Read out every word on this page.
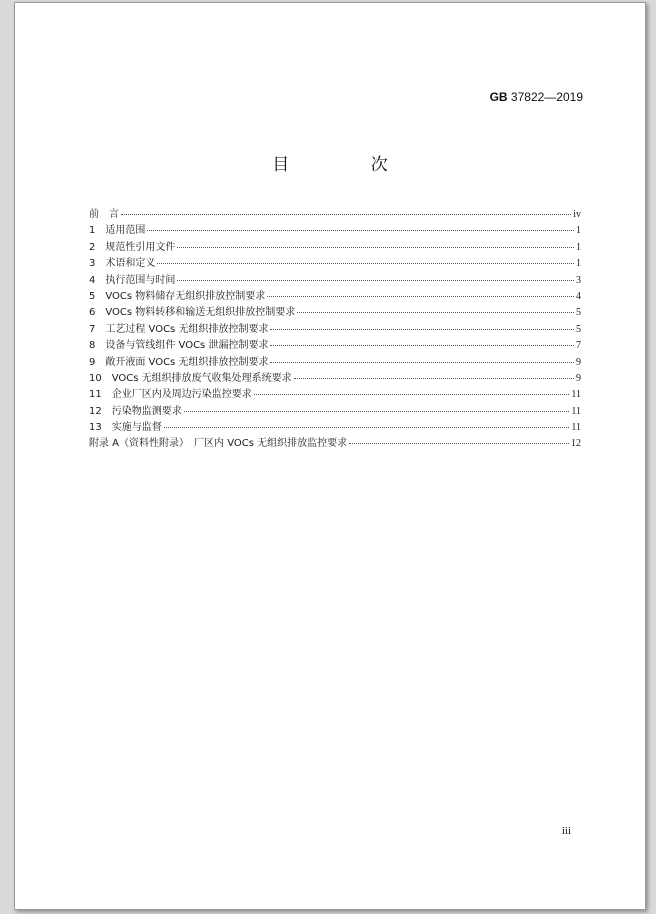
GB 37822—2019
目 次
前　言	iv
1　适用范围	1
2　规范性引用文件	1
3　术语和定义	1
4　执行范围与时间	3
5　VOCs 物料储存无组织排放控制要求	4
6　VOCs 物料转移和输送无组织排放控制要求	5
7　工艺过程 VOCs 无组织排放控制要求	5
8　设备与管线组件 VOCs 泄漏控制要求	7
9　敞开液面 VOCs 无组织排放控制要求	9
10　VOCs 无组织排放废气收集处理系统要求	9
11　企业厂区内及周边污染监控要求	11
12　污染物监测要求	11
13　实施与监督	11
附录 A（资料性附录）　厂区内 VOCs 无组织排放监控要求	12
iii
